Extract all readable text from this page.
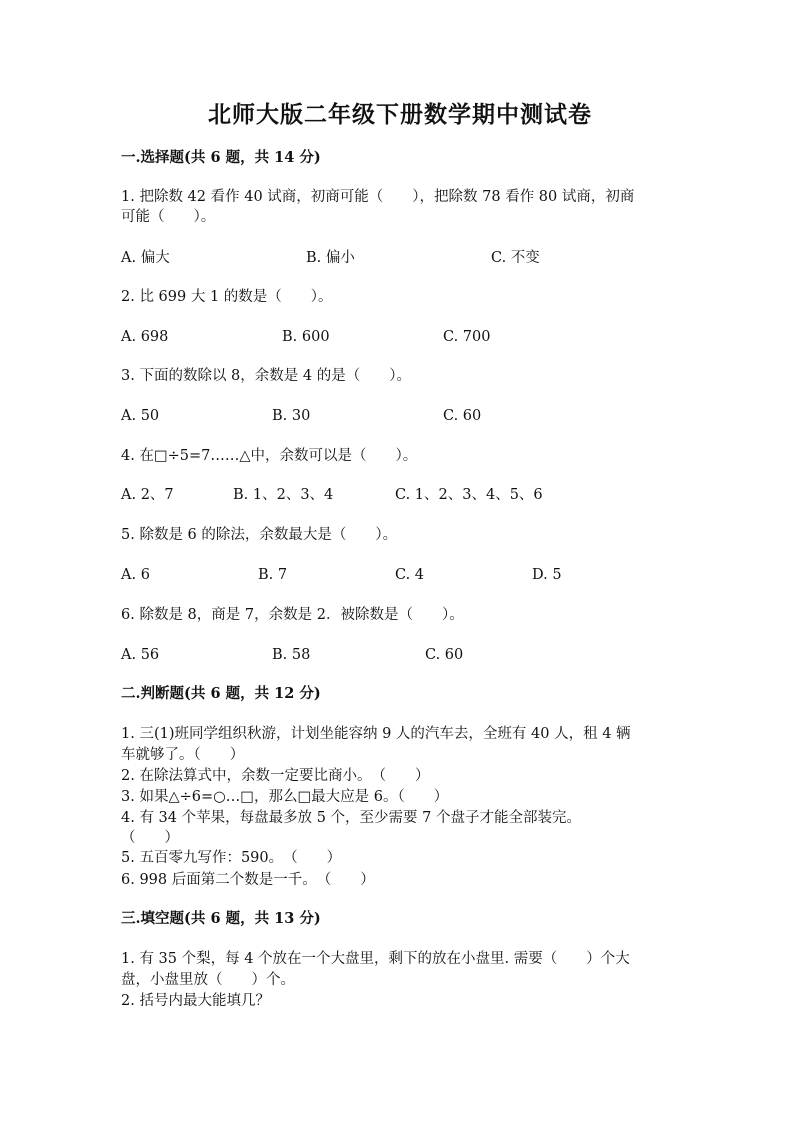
北师大版二年级下册数学期中测试卷
一.选择题(共 6 题，共 14 分)
1. 把除数 42 看作 40 试商，初商可能（　　），把除数 78 看作 80 试商，初商
可能（　　）。
A. 偏大	B. 偏小	C. 不变
2. 比 699 大 1 的数是（　　）。
A. 698	B. 600	C. 700
3. 下面的数除以 8，余数是 4 的是（　　）。
A. 50	B. 30	C. 60
4. 在□÷5=7……△中，余数可以是（　　）。
A. 2、7	B. 1、2、3、4	C. 1、2、3、4、5、6
5. 除数是 6 的除法，余数最大是（　　）。
A. 6	B. 7	C. 4	D. 5
6. 除数是 8，商是 7，余数是 2．被除数是（　　）。
A. 56	B. 58	C. 60
二.判断题(共 6 题，共 12 分)
1. 三(1)班同学组织秋游，计划坐能容纳 9 人的汽车去，全班有 40 人，租 4 辆
车就够了。（　　）
2. 在除法算式中，余数一定要比商小。　（　　）
3. 如果△÷6=○…□，那么□最大应是 6。（　　）
4. 有 34 个苹果，每盘最多放 5 个，至少需要 7 个盘子才能全部装完。
（　　）
5. 五百零九写作：590。　（　　）
6. 998 后面第二个数是一千。　（　　）
三.填空题(共 6 题，共 13 分)
1. 有 35 个梨，每 4 个放在一个大盘里，剩下的放在小盘里. 需要（　　）个大
盘，小盘里放（　　）个。
2. 括号内最大能填几？
